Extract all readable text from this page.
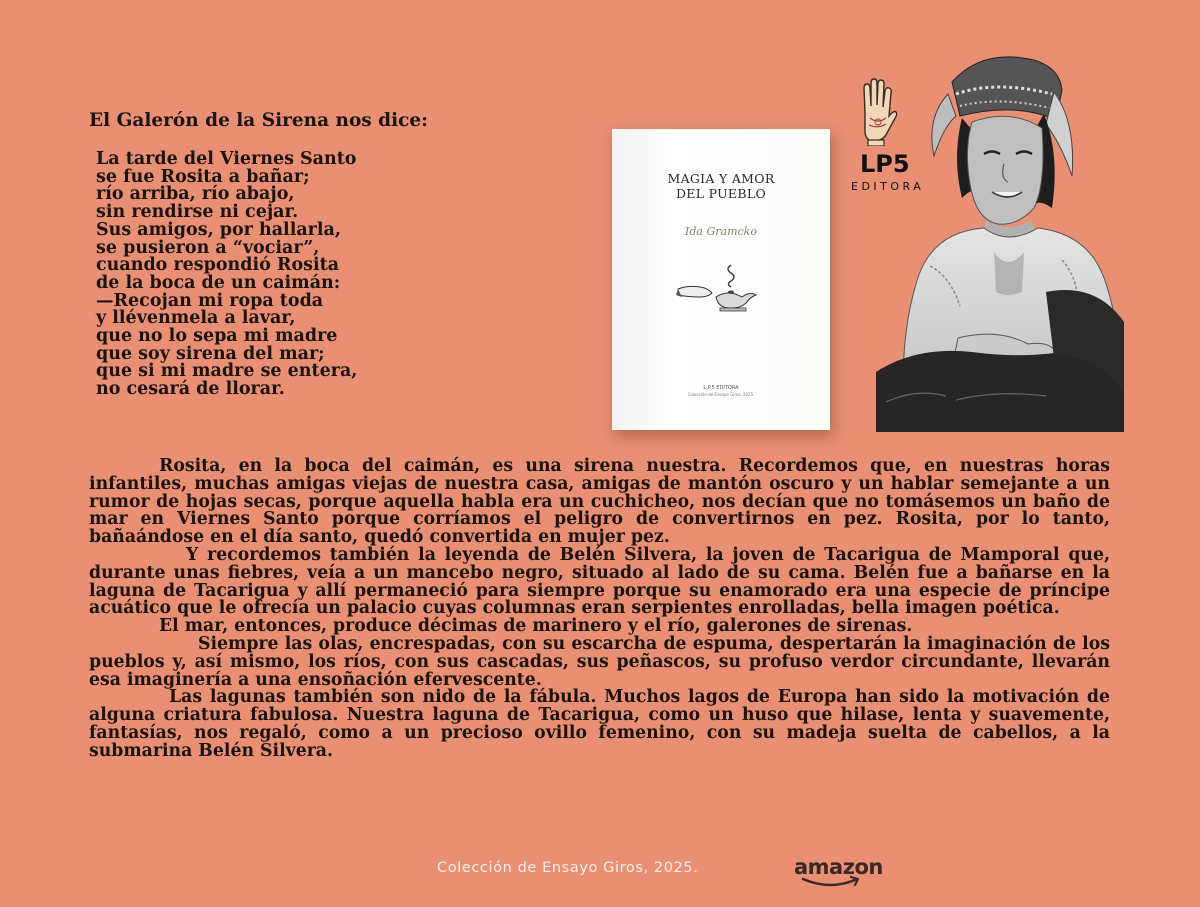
El Galerón de la Sirena nos dice:
La tarde del Viernes Santo
se fue Rosita a bañar;
río arriba, río abajo,
sin rendirse ni cejar.
Sus amigos, por hallarla,
se pusieron a “vociar”,
cuando respondió Rosita
de la boca de un caimán:
—Recojan mi ropa toda
y llévenmela a lavar,
que no lo sepa mi madre
que soy sirena del mar;
que si mi madre se entera,
no cesará de llorar.

Rosita, en la boca del caimán, es una sirena nuestra. Recordemos que, en nuestras horas infantiles, muchas amigas viejas de nuestra casa, amigas de mantón oscuro y un hablar semejante a un rumor de hojas secas, porque aquella habla era un cuchicheo, nos decían que no tomásemos un baño de mar en Viernes Santo porque corríamos el peligro de convertirnos en pez. Rosita, por lo tanto, bañaándose en el día santo, quedó convertida en mujer pez.

Y recordemos también la leyenda de Belén Silvera, la joven de Tacarigua de Mamporal que, durante unas fiebres, veía a un mancebo negro, situado al lado de su cama. Belén fue a bañarse en la laguna de Tacarigua y allí permaneció para siempre porque su enamorado era una especie de príncipe acuático que le ofrecía un palacio cuyas columnas eran serpientes enrolladas, bella imagen poética.

El mar, entonces, produce décimas de marinero y el río, galerones de sirenas.

Siempre las olas, encrespadas, con su escarcha de espuma, despertarán la imaginación de los pueblos y, así mismo, los ríos, con sus cascadas, sus peñascos, su profuso verdor circundante, llevarán esa imaginería a una ensoñación efervescente.

Las lagunas también son nido de la fábula. Muchos lagos de Europa han sido la motivación de alguna criatura fabulosa. Nuestra laguna de Tacarigua, como un huso que hilase, lenta y suavemente, fantasías, nos regaló, como a un precioso ovillo femenino, con su madeja suelta de cabellos, a la submarina Belén Silvera.

MAGIA Y AMOR
DEL PUEBLO
Ida Gramcko
L.P.5 EDITORA
Colección de Ensayo Giros, 2025.
LP5
EDITORA
Colección de Ensayo Giros, 2025.	amazon
